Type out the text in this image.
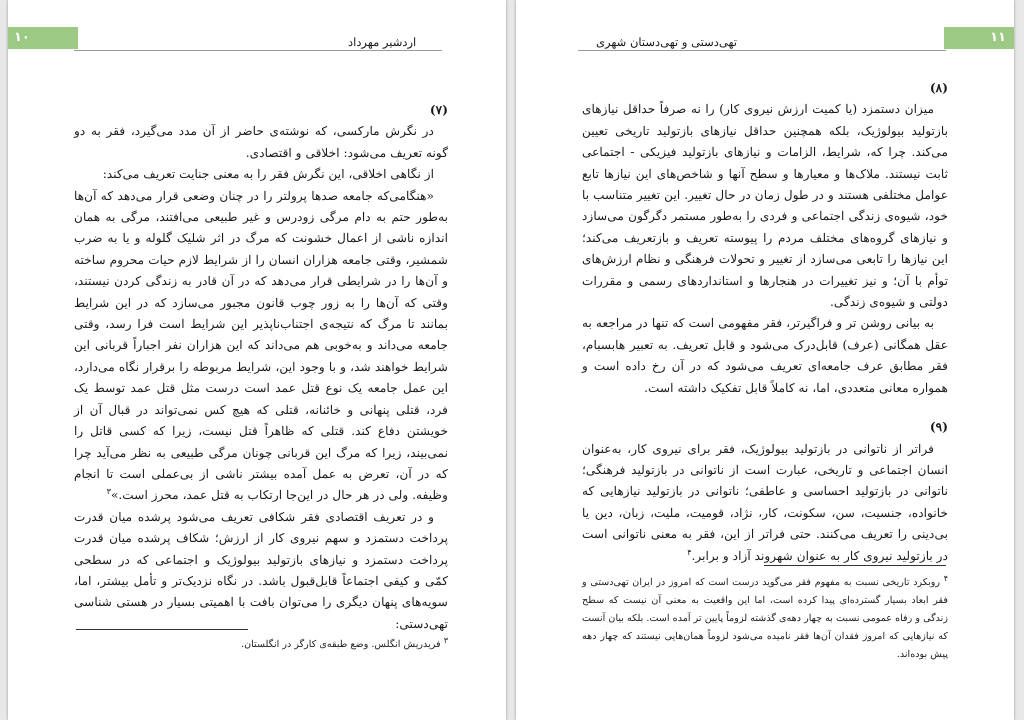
۱۰	اردشیر مهرداد

(۷)

در نگرش مارکسی، که نوشته‌ی حاضر از آن مدد می‌گیرد، فقر به دو گونه تعریف می‌شود: اخلاقی و اقتصادی.

از نگاهی اخلاقی، این نگرش فقر را به معنی جنایت تعریف می‌کند:

«هنگامی‌که جامعه صدها پرولتر را در چنان وضعی قرار می‌دهد که آن‌ها به‌طور حتم به دام مرگی زودرس و غیر طبیعی می‌افتند، مرگی به همان اندازه ناشی از اعمال خشونت که مرگ در اثر شلیک گلوله و یا به ضرب شمشیر، وقتی جامعه هزاران انسان را از شرایط لازم حیات محروم ساخته و آن‌ها را در شرایطی قرار می‌دهد که در آن قادر به زندگی کردن نیستند، وقتی که آن‌ها را به زور چوب قانون مجبور می‌سازد که در این شرایط بمانند تا مرگ که نتیجه‌ی اجتناب‌ناپذیر این شرایط است فرا رسد، وقتی جامعه می‌داند و به‌خوبی هم می‌داند که این هزاران نفر اجباراً قربانی این شرایط خواهند شد، و با وجود این، شرایط مربوطه را برقرار نگاه می‌دارد، این عمل جامعه یک نوع قتل عمد است درست مثل قتل عمد توسط یک فرد، قتلی پنهانی و خائنانه، قتلی که هیچ کس نمی‌تواند در قبال آن از خویشتن دفاع کند. قتلی که ظاهراً قتل نیست، زیرا که کسی قاتل را نمی‌بیند، زیرا که مرگ این قربانی چونان مرگی طبیعی به نظر می‌آید چرا که در آن، تعرض به عمل آمده بیشتر ناشی از بی‌عملی است تا انجام وظیفه. ولی در هر حال در این‌جا ارتکاب به قتل عمد، محرز است.»$^۳$

و در تعریف اقتصادی فقر شکافی تعریف می‌شود پرشده میان قدرت پرداخت دستمزد و سهم نیروی کار از ارزش؛ شکاف پرشده میان قدرت پرداخت دستمزد و نیازهای بازتولید بیولوژیک و اجتماعی که در سطحی کمّی و کیفی اجتماعاً قابل‌قبول باشد. در نگاه نزدیک‌تر و تأمل بیشتر، اما، سویه‌های پنهان دیگری را می‌توان بافت با اهمیتی بسیار در هستی شناسی تهی‌دستی:

$^۳$ فریدریش انگلس. وضع طبقه‌ی کارگر در انگلستان.
۱۱
تهی‌دستی و تهی‌دستان شهری

(۸)

میزان دستمزد (یا کمیت ارزش نیروی کار) را نه صرفاً حداقل نیازهای بازتولید بیولوژیک، بلکه همچنین حداقل نیازهای بازتولید تاریخی تعیین می‌کند. چرا که، شرایط، الزامات و نیازهای بازتولید فیزیکی - اجتماعی ثابت نیستند. ملاک‌ها و معیارها و سطح آنها و شاخص‌های این نیازها تابع عوامل مختلفی هستند و در طول زمان در حال تغییر. این تغییر متناسب با خود، شیوه‌ی زندگی اجتماعی و فردی را به‌طور مستمر دگرگون می‌سازد و نیازهای گروه‌های مختلف مردم را پیوسته تعریف و بازتعریف می‌کند؛ این نیازها را تابعی می‌سازد از تغییر و تحولات فرهنگی و نظام ارزش‌های توأم با آن؛ و نیز تغییرات در هنجارها و استانداردهای رسمی و مقررات دولتی و شیوه‌ی زندگی.

به بیانی روشن تر و فراگیرتر، فقر مفهومی است که تنها در مراجعه به عقل همگانی (عرف) قابل‌درک می‌شود و قابل تعریف. به تعبیر هابسبام، فقر مطابق عرف جامعه‌ای تعریف می‌شود که در آن رخ داده است و همواره معانی متعددی، اما، نه کاملاً قابل تفکیک داشته است.

(۹)

فراتر از ناتوانی در بازتولید بیولوژیک، فقر برای نیروی کار، به‌عنوان انسان اجتماعی و تاریخی، عبارت است از ناتوانی در بازتولید فرهنگی؛ ناتوانی در بازتولید احساسی و عاطفی؛ ناتوانی در بازتولید نیازهایی که خانواده، جنسیت، سن، سکونت، کار، نژاد، قومیت، ملیت، زبان، دین یا بی‌دینی را تعریف می‌کنند. حتی فراتر از این، فقر به معنی ناتوانی است در بازتولید نیروی کار به عنوان شهروند آزاد و برابر.$^۴$

$^۴$ روبکرد تاریخی نسبت به مفهوم فقر می‌گوید درست است که امروز در ایران تهی‌دستی و فقر ابعاد بسیار گسترده‌ای پیدا کرده است، اما این واقعیت به معنی آن نیست که سطح زندگی و رفاه عمومی نسبت به چهار دهه‌ی گذشته لزوماً پایین تر آمده است. بلکه بیان آنست که نیازهایی که امروز فقدان آن‌ها فقر نامیده می‌شود لزوماً همان‌هایی نیستند که چهار دهه پیش بوده‌اند.
